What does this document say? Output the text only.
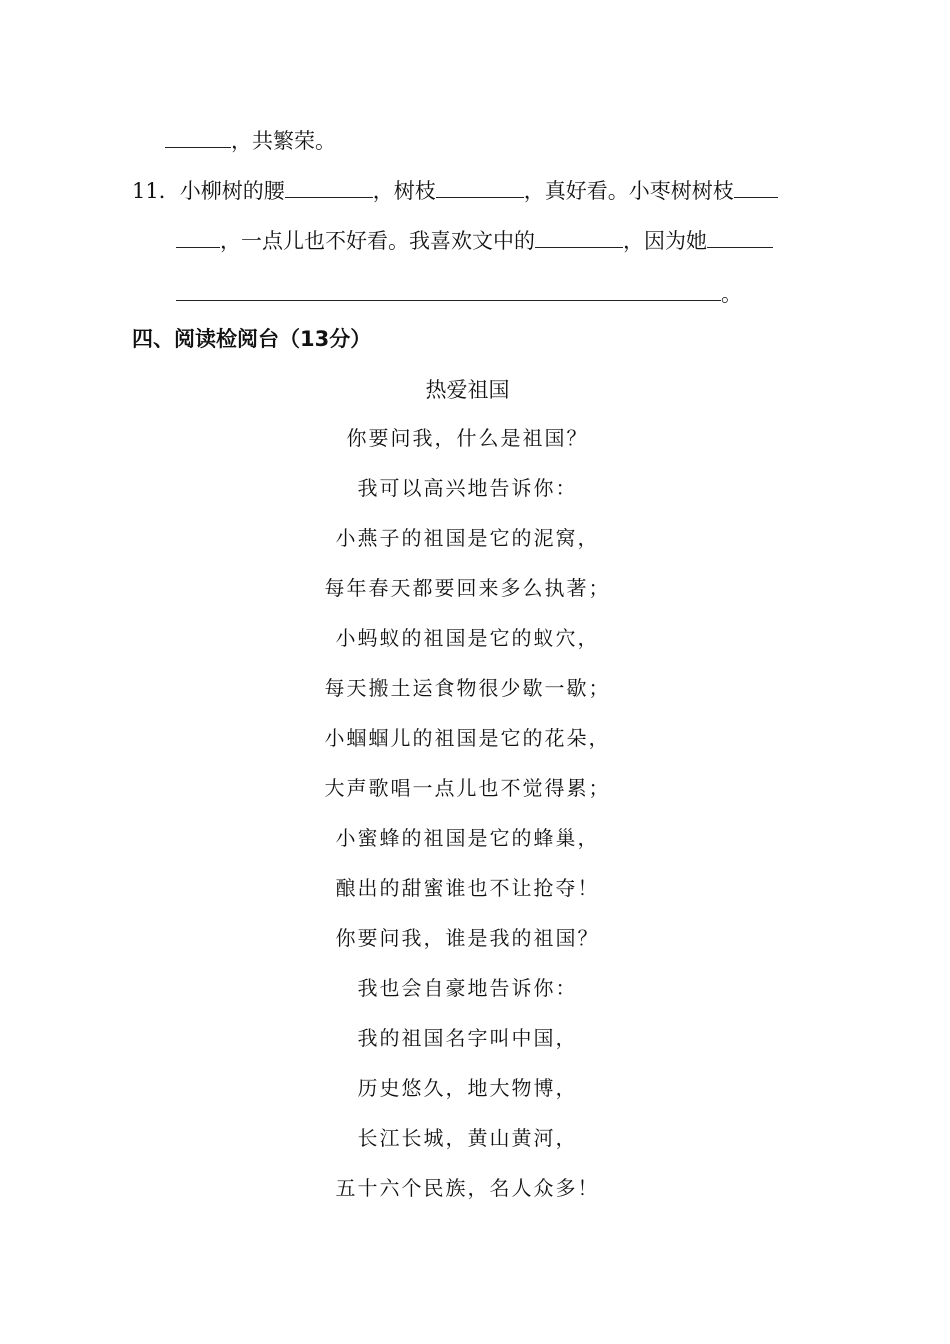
，共繁荣。
11．小柳树的腰	，树枝	，真好看。小枣树树枝
，一点儿也不好看。我喜欢文中的	，因为她
。
四、阅读检阅台（13分）
热爱祖国
你要问我，什么是祖国？
我可以高兴地告诉你：
小燕子的祖国是它的泥窝，
每年春天都要回来多么执著；
小蚂蚁的祖国是它的蚁穴，
每天搬土运食物很少歇一歇；
小蝈蝈儿的祖国是它的花朵，
大声歌唱一点儿也不觉得累；
小蜜蜂的祖国是它的蜂巢，
酿出的甜蜜谁也不让抢夺！
你要问我，谁是我的祖国？
我也会自豪地告诉你：
我的祖国名字叫中国，
历史悠久，地大物博，
长江长城，黄山黄河，
五十六个民族，名人众多！
